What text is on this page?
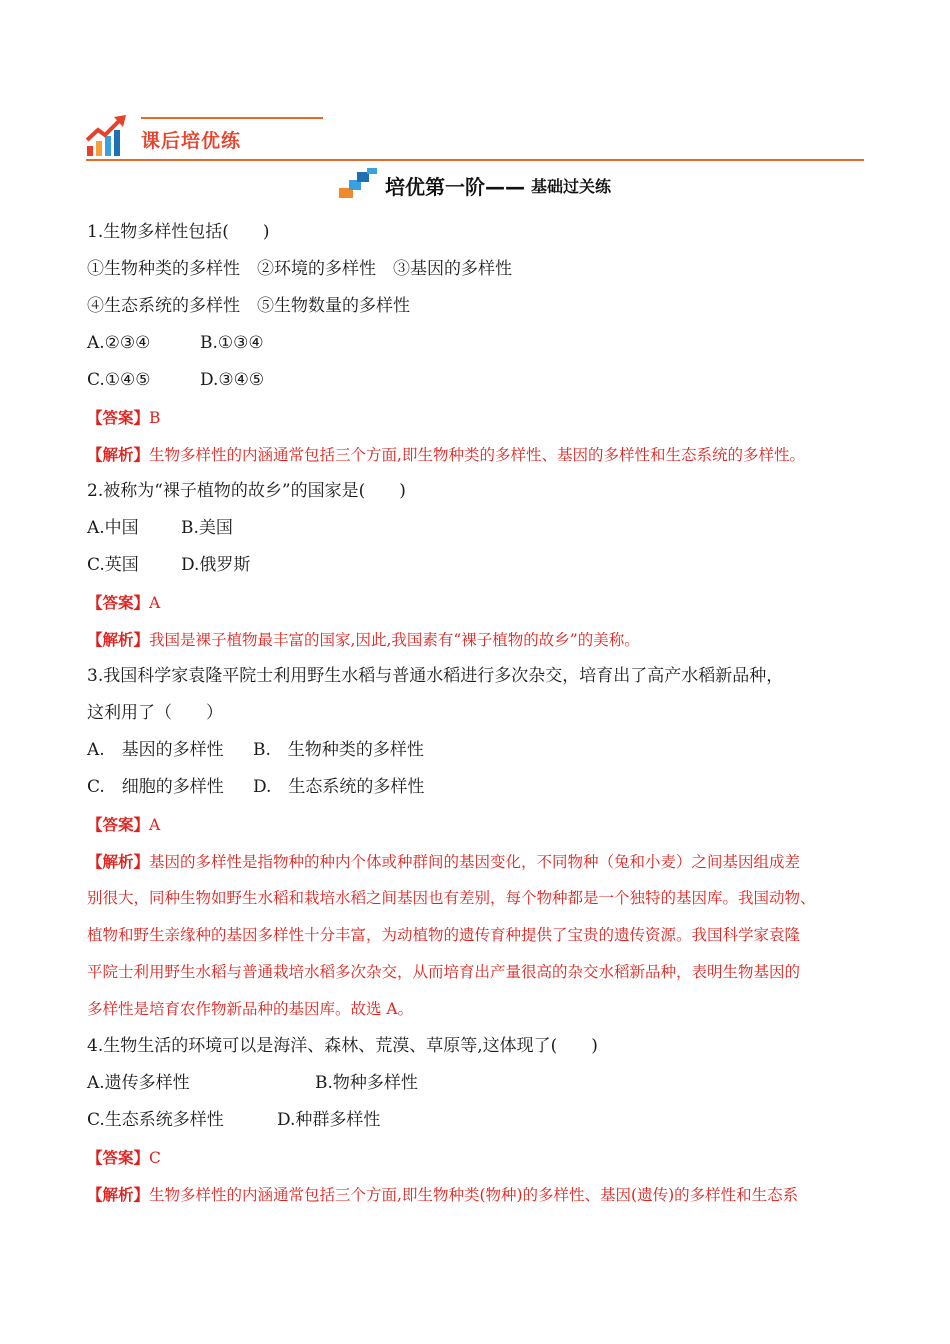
课后培优练
培优第一阶—— 基础过关练
1.生物多样性包括(　　)
①生物种类的多样性　②环境的多样性　③基因的多样性
④生态系统的多样性　⑤生物数量的多样性
A.②③④	B.①③④
C.①④⑤	D.③④⑤
【答案】B
【解析】生物多样性的内涵通常包括三个方面,即生物种类的多样性、基因的多样性和生态系统的多样性。
2.被称为“裸子植物的故乡”的国家是(　　)
A.中国 B.美国
C.英国 D.俄罗斯
【答案】A
【解析】我国是裸子植物最丰富的国家,因此,我国素有“裸子植物的故乡”的美称。
3.我国科学家袁隆平院士利用野生水稻与普通水稻进行多次杂交，培育出了高产水稻新品种，
这利用了（　　）
A.　基因的多样性 B.　生物种类的多样性
C.　细胞的多样性 D.　生态系统的多样性
【答案】A
【解析】基因的多样性是指物种的种内个体或种群间的基因变化，不同物种（兔和小麦）之间基因组成差
别很大，同种生物如野生水稻和栽培水稻之间基因也有差别，每个物种都是一个独特的基因库。我国动物、
植物和野生亲缘种的基因多样性十分丰富，为动植物的遗传育种提供了宝贵的遗传资源。我国科学家袁隆
平院士利用野生水稻与普通栽培水稻多次杂交，从而培育出产量很高的杂交水稻新品种，表明生物基因的
多样性是培育农作物新品种的基因库。故选 A。
4.生物生活的环境可以是海洋、森林、荒漠、草原等,这体现了(　　)
A.遗传多样性	B.物种多样性
C.生态系统多样性	D.种群多样性
【答案】C
【解析】生物多样性的内涵通常包括三个方面,即生物种类(物种)的多样性、基因(遗传)的多样性和生态系
